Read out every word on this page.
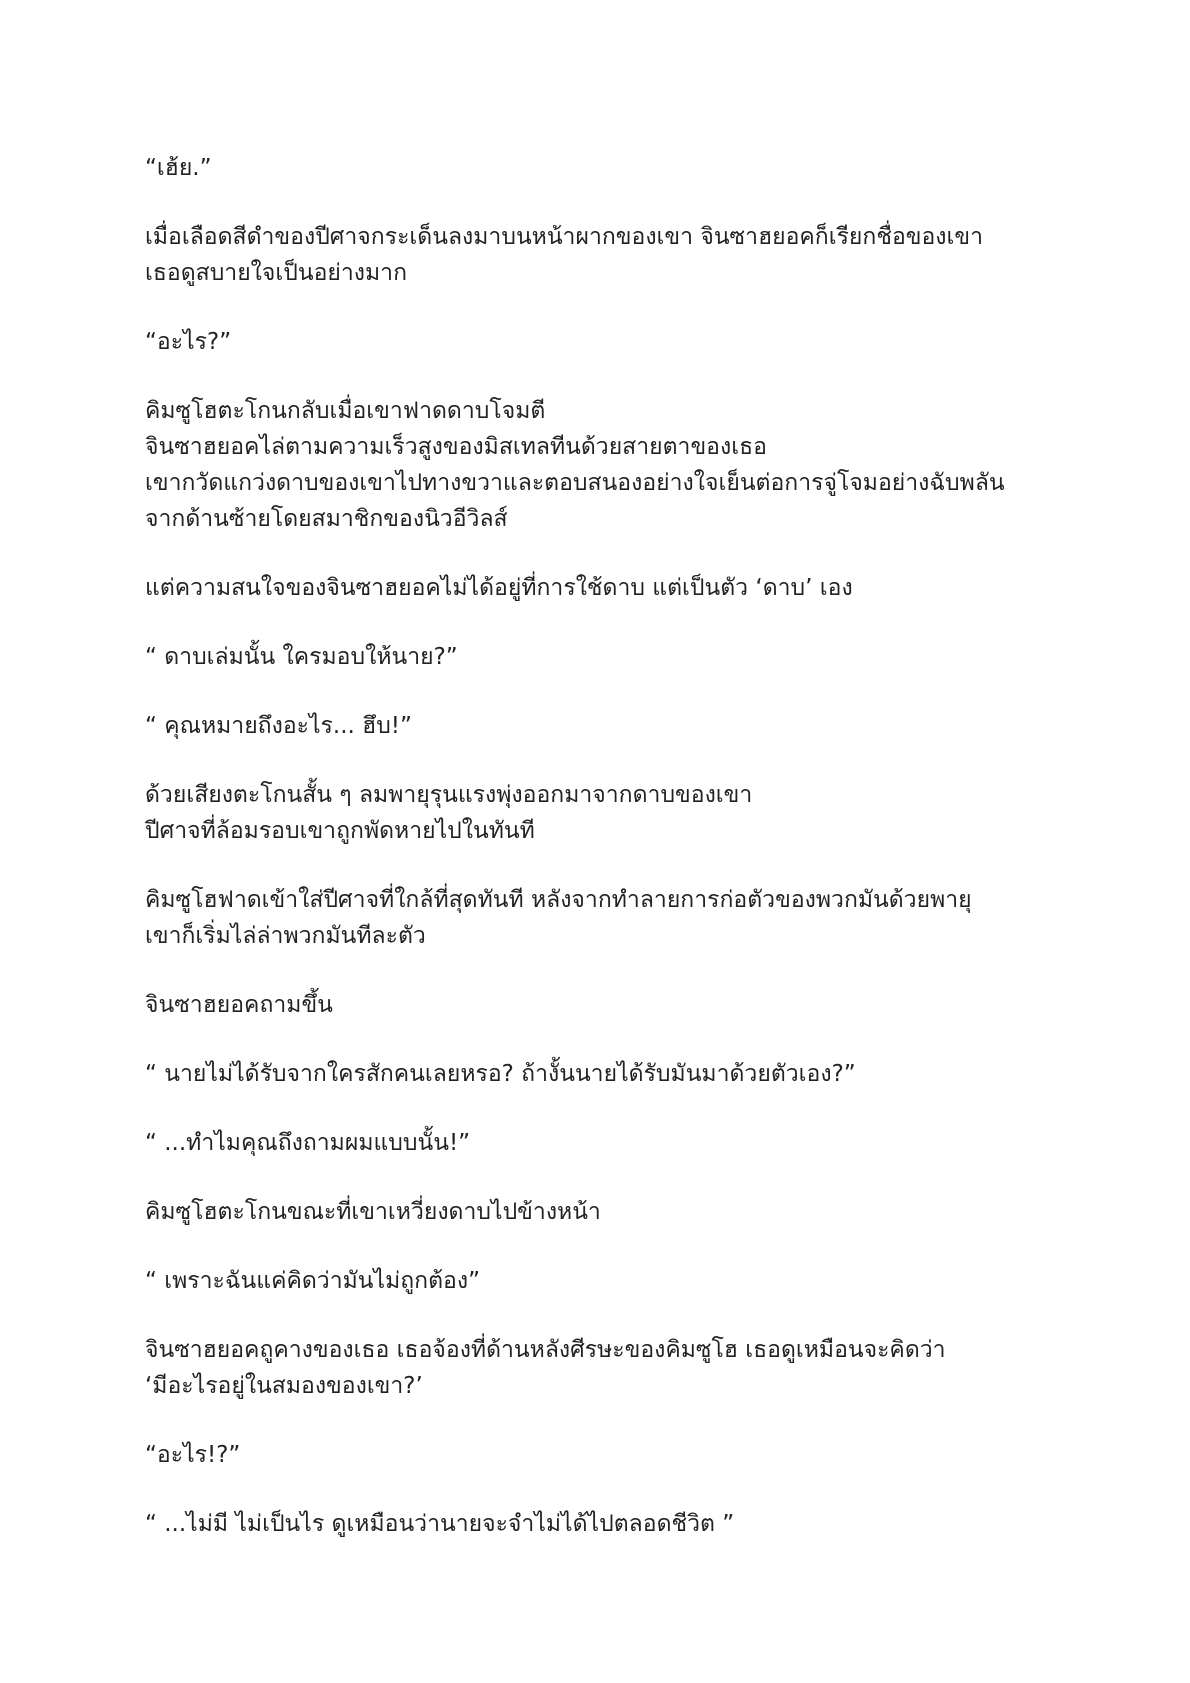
“เฮ้ย.”
เมื่อเลือดสีดำของปีศาจกระเด็นลงมาบนหน้าผากของเขา จินซาฮยอคก็เรียกชื่อของเขา
เธอดูสบายใจเป็นอย่างมาก
“อะไร?”
คิมซูโฮตะโกนกลับเมื่อเขาฟาดดาบโจมตี
จินซาฮยอคไล่ตามความเร็วสูงของมิสเทลทีนด้วยสายตาของเธอ
เขากวัดแกว่งดาบของเขาไปทางขวาและตอบสนองอย่างใจเย็นต่อการจู่โจมอย่างฉับพลัน
จากด้านซ้ายโดยสมาชิกของนิวอีวิลส์
แต่ความสนใจของจินซาฮยอคไม่ได้อยู่ที่การใช้ดาบ แต่เป็นตัว ‘ดาบ’ เอง
“ ดาบเล่มนั้น ใครมอบให้นาย?”
“ คุณหมายถึงอะไร... ฮึบ!”
ด้วยเสียงตะโกนสั้น ๆ ลมพายุรุนแรงพุ่งออกมาจากดาบของเขา
ปีศาจที่ล้อมรอบเขาถูกพัดหายไปในทันที
คิมซูโฮฟาดเข้าใส่ปีศาจที่ใกล้ที่สุดทันที หลังจากทำลายการก่อตัวของพวกมันด้วยพายุ
เขาก็เริ่มไล่ล่าพวกมันทีละตัว
จินซาฮยอคถามขึ้น
“ นายไม่ได้รับจากใครสักคนเลยหรอ? ถ้างั้นนายได้รับมันมาด้วยตัวเอง?”
“ ...ทำไมคุณถึงถามผมแบบนั้น!”
คิมซูโฮตะโกนขณะที่เขาเหวี่ยงดาบไปข้างหน้า
“ เพราะฉันแค่คิดว่ามันไม่ถูกต้อง”
จินซาฮยอคถูคางของเธอ เธอจ้องที่ด้านหลังศีรษะของคิมซูโฮ เธอดูเหมือนจะคิดว่า
‘มีอะไรอยู่ในสมองของเขา?’
“อะไร!?”
“ ...ไม่มี ไม่เป็นไร ดูเหมือนว่านายจะจำไม่ได้ไปตลอดชีวิต ”
